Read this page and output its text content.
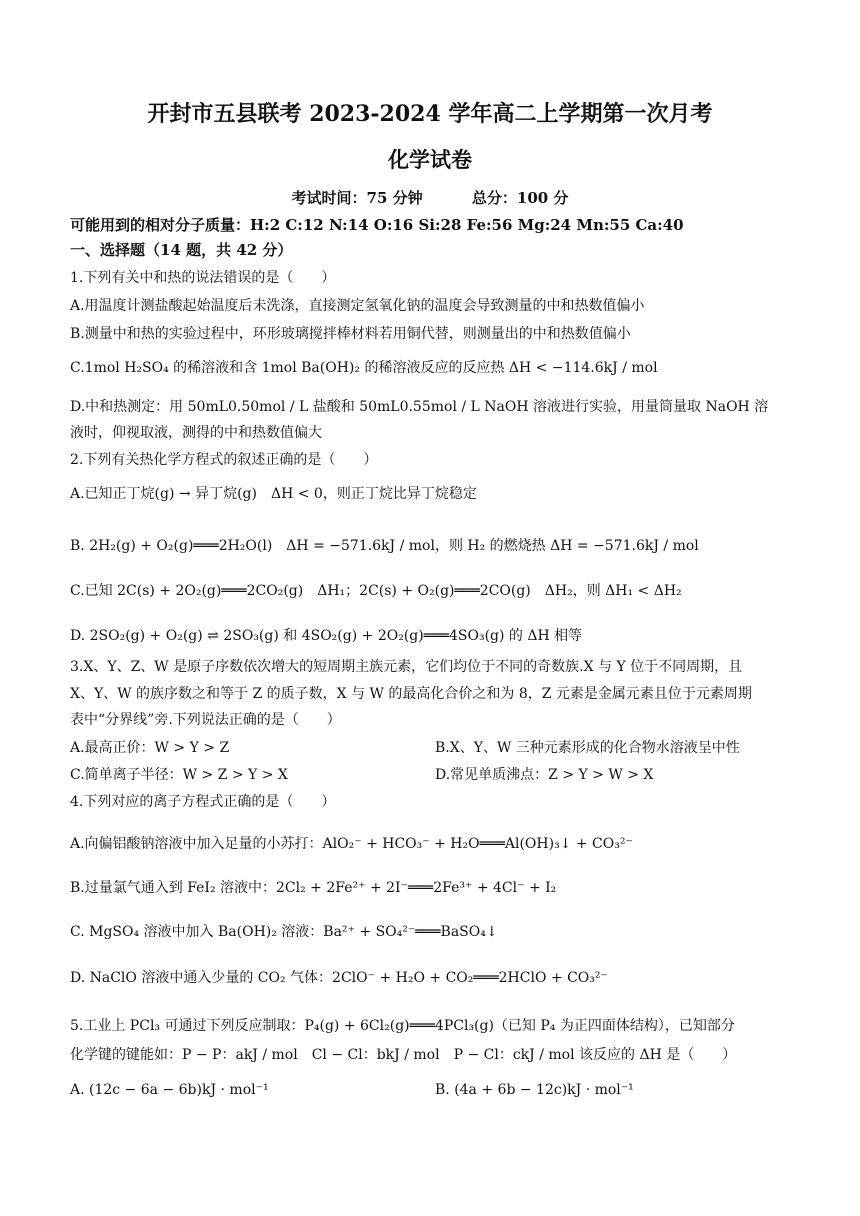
开封市五县联考 2023-2024 学年高二上学期第一次月考
化学试卷
考试时间：75 分钟	总分：100 分
可能用到的相对分子质量：H:2 C:12 N:14 O:16 Si:28 Fe:56 Mg:24 Mn:55 Ca:40
一、选择题（14 题，共 42 分）
1.下列有关中和热的说法错误的是（　　）
A.用温度计测盐酸起始温度后未洗涤，直接测定氢氧化钠的温度会导致测量的中和热数值偏小
B.测量中和热的实验过程中，环形玻璃搅拌棒材料若用铜代替，则测量出的中和热数值偏小
C.1mol H₂SO₄ 的稀溶液和含 1mol Ba(OH)₂ 的稀溶液反应的反应热 ΔH < −114.6kJ / mol
D.中和热测定：用 50mL0.50mol / L 盐酸和 50mL0.55mol / L NaOH 溶液进行实验，用量筒量取 NaOH 溶
液时，仰视取液，测得的中和热数值偏大
2.下列有关热化学方程式的叙述正确的是（　　）
A.已知正丁烷(g) → 异丁烷(g)　ΔH < 0，则正丁烷比异丁烷稳定
B. 2H₂(g) + O₂(g)═══2H₂O(l)　ΔH = −571.6kJ / mol，则 H₂ 的燃烧热 ΔH = −571.6kJ / mol
C.已知 2C(s) + 2O₂(g)═══2CO₂(g)　ΔH₁；2C(s) + O₂(g)═══2CO(g)　ΔH₂，则 ΔH₁ < ΔH₂
D. 2SO₂(g) + O₂(g) ⇌ 2SO₃(g) 和 4SO₂(g) + 2O₂(g)═══4SO₃(g) 的 ΔH 相等
3.X、Y、Z、W 是原子序数依次增大的短周期主族元素，它们均位于不同的奇数族.X 与 Y 位于不同周期，且
X、Y、W 的族序数之和等于 Z 的质子数，X 与 W 的最高化合价之和为 8，Z 元素是金属元素且位于元素周期
表中“分界线”旁.下列说法正确的是（　　）
A.最高正价：W > Y > Z	B.X、Y、W 三种元素形成的化合物水溶液呈中性
C.简单离子半径：W > Z > Y > X	D.常见单质沸点：Z > Y > W > X
4.下列对应的离子方程式正确的是（　　）
A.向偏铝酸钠溶液中加入足量的小苏打：AlO₂⁻ + HCO₃⁻ + H₂O═══Al(OH)₃↓ + CO₃²⁻
B.过量氯气通入到 FeI₂ 溶液中：2Cl₂ + 2Fe²⁺ + 2I⁻═══2Fe³⁺ + 4Cl⁻ + I₂
C. MgSO₄ 溶液中加入 Ba(OH)₂ 溶液：Ba²⁺ + SO₄²⁻═══BaSO₄↓
D. NaClO 溶液中通入少量的 CO₂ 气体：2ClO⁻ + H₂O + CO₂═══2HClO + CO₃²⁻
5.工业上 PCl₃ 可通过下列反应制取：P₄(g) + 6Cl₂(g)═══4PCl₃(g)（已知 P₄ 为正四面体结构），已知部分
化学键的键能如：P − P：akJ / mol　Cl − Cl：bkJ / mol　P − Cl：ckJ / mol 该反应的 ΔH 是（　　）
A. (12c − 6a − 6b)kJ · mol⁻¹	B. (4a + 6b − 12c)kJ · mol⁻¹
